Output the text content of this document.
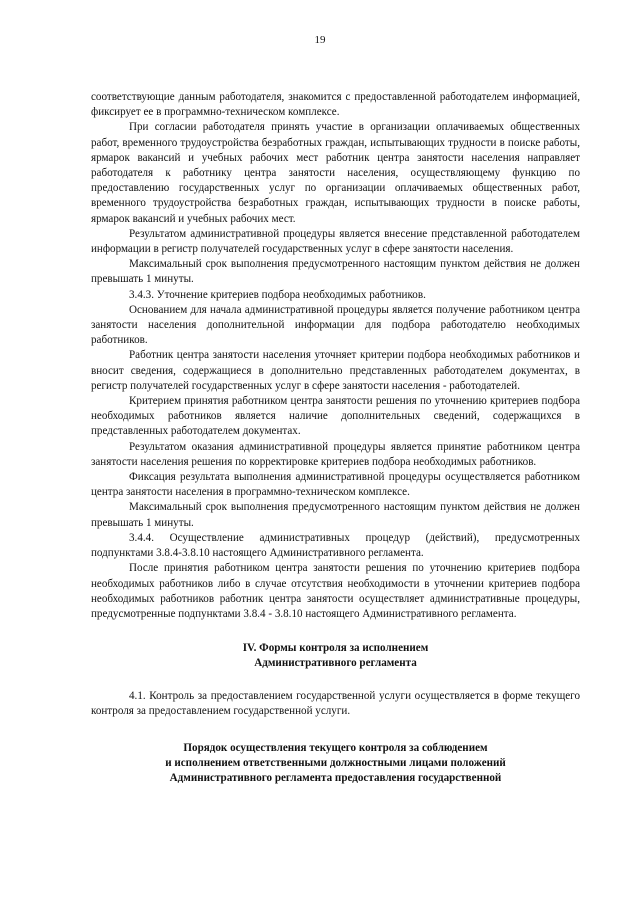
19

соответствующие данным работодателя, знакомится с предоставленной работодателем информацией, фиксирует ее в программно-техническом комплексе.

При согласии работодателя принять участие в организации оплачиваемых общественных работ, временного трудоустройства безработных граждан, испытывающих трудности в поиске работы, ярмарок вакансий и учебных рабочих мест работник центра занятости населения направляет работодателя к работнику центра занятости населения, осуществляющему функцию по предоставлению государственных услуг по организации оплачиваемых общественных работ, временного трудоустройства безработных граждан, испытывающих трудности в поиске работы, ярмарок вакансий и учебных рабочих мест.

Результатом административной процедуры является внесение представленной работодателем информации в регистр получателей государственных услуг в сфере занятости населения.

Максимальный срок выполнения предусмотренного настоящим пунктом действия не должен превышать 1 минуты.

3.4.3. Уточнение критериев подбора необходимых работников.

Основанием для начала административной процедуры является получение работником центра занятости населения дополнительной информации для подбора работодателю необходимых работников.

Работник центра занятости населения уточняет критерии подбора необходимых работников и вносит сведения, содержащиеся в дополнительно представленных работодателем документах, в регистр получателей государственных услуг в сфере занятости населения - работодателей.

Критерием принятия работником центра занятости решения по уточнению критериев подбора необходимых работников является наличие дополнительных сведений, содержащихся в представленных работодателем документах.

Результатом оказания административной процедуры является принятие работником центра занятости населения решения по корректировке критериев подбора необходимых работников.

Фиксация результата выполнения административной процедуры осуществляется работником центра занятости населения в программно-техническом комплексе.

Максимальный срок выполнения предусмотренного настоящим пунктом действия не должен превышать 1 минуты.

3.4.4. Осуществление административных процедур (действий), предусмотренных подпунктами 3.8.4-3.8.10 настоящего Административного регламента.

После принятия работником центра занятости решения по уточнению критериев подбора необходимых работников либо в случае отсутствия необходимости в уточнении критериев подбора необходимых работников работник центра занятости осуществляет административные процедуры, предусмотренные подпунктами 3.8.4 - 3.8.10 настоящего Административного регламента.

IV. Формы контроля за исполнением
Административного регламента

4.1. Контроль за предоставлением государственной услуги осуществляется в форме текущего контроля за предоставлением государственной услуги.

Порядок осуществления текущего контроля за соблюдением
и исполнением ответственными должностными лицами положений
Административного регламента предоставления государственной
